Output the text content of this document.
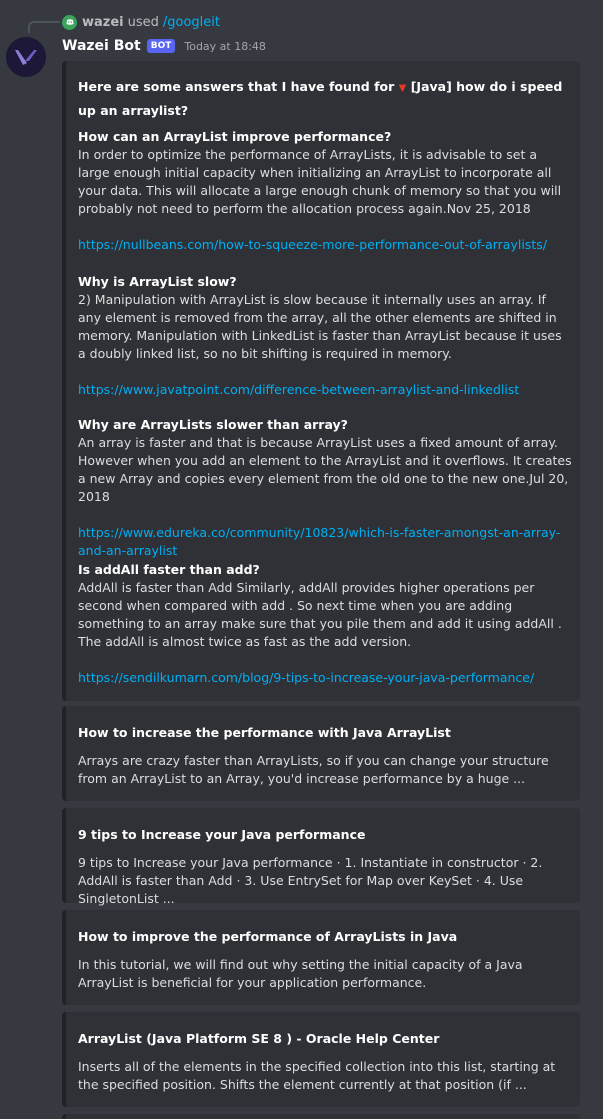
wazei used /googleit
Wazei Bot	BOT	Today at 18:48
Here are some answers that I have found for ▼ [Java] how do i speed up an arraylist?
How can an ArrayList improve performance?
In order to optimize the performance of ArrayLists, it is advisable to set a large enough initial capacity when initializing an ArrayList to incorporate all your data. This will allocate a large enough chunk of memory so that you will probably not need to perform the allocation process again.Nov 25, 2018
https://nullbeans.com/how-to-squeeze-more-performance-out-of-arraylists/
Why is ArrayList slow?
2) Manipulation with ArrayList is slow because it internally uses an array. If any element is removed from the array, all the other elements are shifted in memory. Manipulation with LinkedList is faster than ArrayList because it uses a doubly linked list, so no bit shifting is required in memory.
https://www.javatpoint.com/difference-between-arraylist-and-linkedlist
Why are ArrayLists slower than array?
An array is faster and that is because ArrayList uses a fixed amount of array. However when you add an element to the ArrayList and it overflows. It creates a new Array and copies every element from the old one to the new one.Jul 20, 2018
https://www.edureka.co/community/10823/which-is-faster-amongst-an-array-and-an-arraylist
Is addAll faster than add?
AddAll is faster than Add Similarly, addAll provides higher operations per second when compared with add . So next time when you are adding something to an array make sure that you pile them and add it using addAll . The addAll is almost twice as fast as the add version.
https://sendilkumarn.com/blog/9-tips-to-increase-your-java-performance/
How to increase the performance with Java ArrayList
Arrays are crazy faster than ArrayLists, so if you can change your structure from an ArrayList to an Array, you'd increase performance by a huge ...
9 tips to Increase your Java performance
9 tips to Increase your Java performance · 1. Instantiate in constructor · 2. AddAll is faster than Add · 3. Use EntrySet for Map over KeySet · 4. Use SingletonList ...
How to improve the performance of ArrayLists in Java
In this tutorial, we will find out why setting the initial capacity of a Java ArrayList is beneficial for your application performance.
ArrayList (Java Platform SE 8 ) - Oracle Help Center
Inserts all of the elements in the specified collection into this list, starting at the specified position. Shifts the element currently at that position (if ...
